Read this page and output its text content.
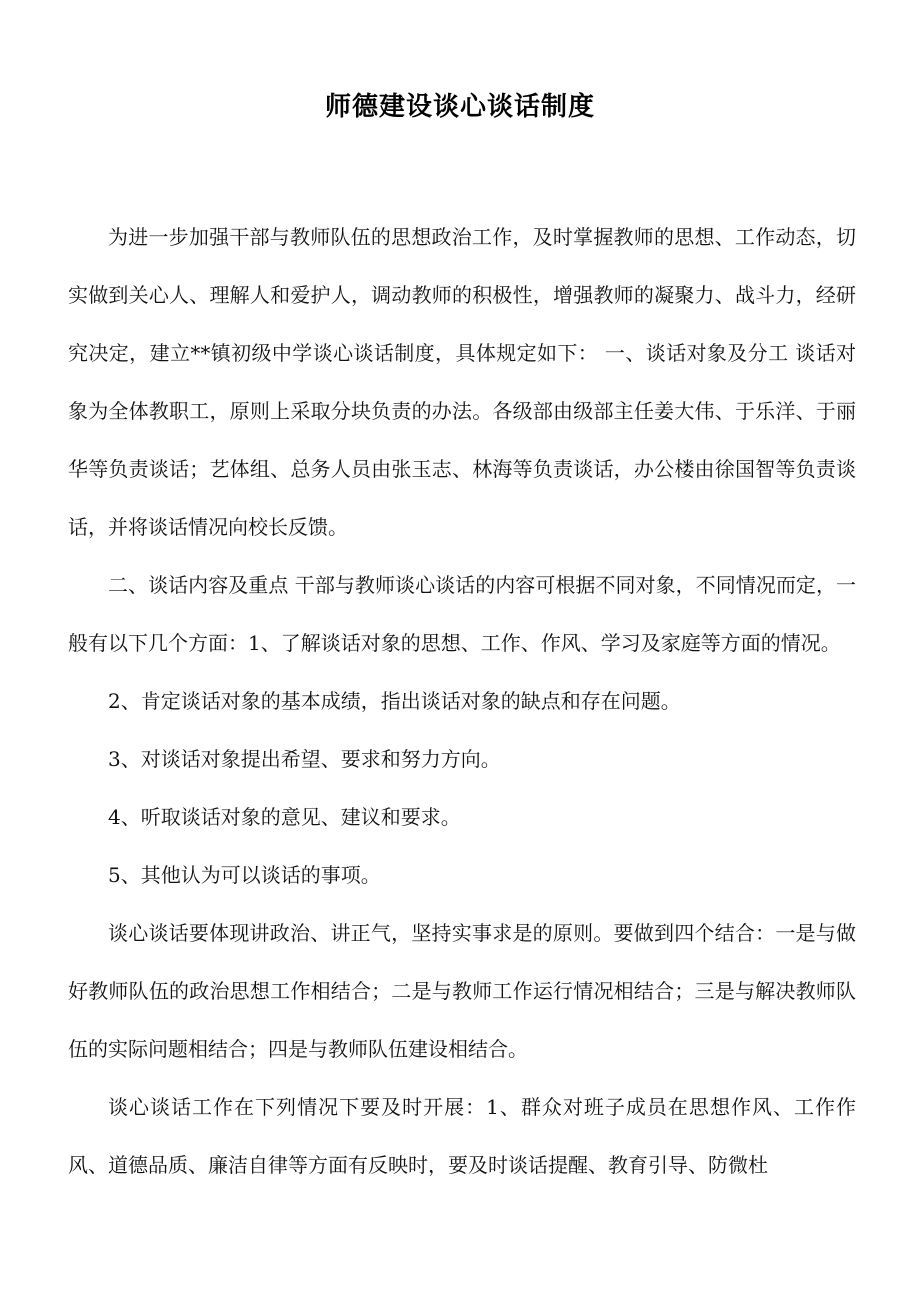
师德建设谈心谈话制度

为进一步加强干部与教师队伍的思想政治工作，及时掌握教师的思想、工作动态，切实做到关心人、理解人和爱护人，调动教师的积极性，增强教师的凝聚力、战斗力，经研究决定，建立**镇初级中学谈心谈话制度，具体规定如下： 一、谈话对象及分工 谈话对象为全体教职工，原则上采取分块负责的办法。各级部由级部主任姜大伟、于乐洋、于丽华等负责谈话；艺体组、总务人员由张玉志、林海等负责谈话，办公楼由徐国智等负责谈话，并将谈话情况向校长反馈。

二、谈话内容及重点 干部与教师谈心谈话的内容可根据不同对象，不同情况而定，一般有以下几个方面：1、了解谈话对象的思想、工作、作风、学习及家庭等方面的情况。

2、肯定谈话对象的基本成绩，指出谈话对象的缺点和存在问题。

3、对谈话对象提出希望、要求和努力方向。

4、听取谈话对象的意见、建议和要求。

5、其他认为可以谈话的事项。

谈心谈话要体现讲政治、讲正气，坚持实事求是的原则。要做到四个结合：一是与做好教师队伍的政治思想工作相结合；二是与教师工作运行情况相结合；三是与解决教师队伍的实际问题相结合；四是与教师队伍建设相结合。

谈心谈话工作在下列情况下要及时开展：1、群众对班子成员在思想作风、工作作风、道德品质、廉洁自律等方面有反映时，要及时谈话提醒、教育引导、防微杜
